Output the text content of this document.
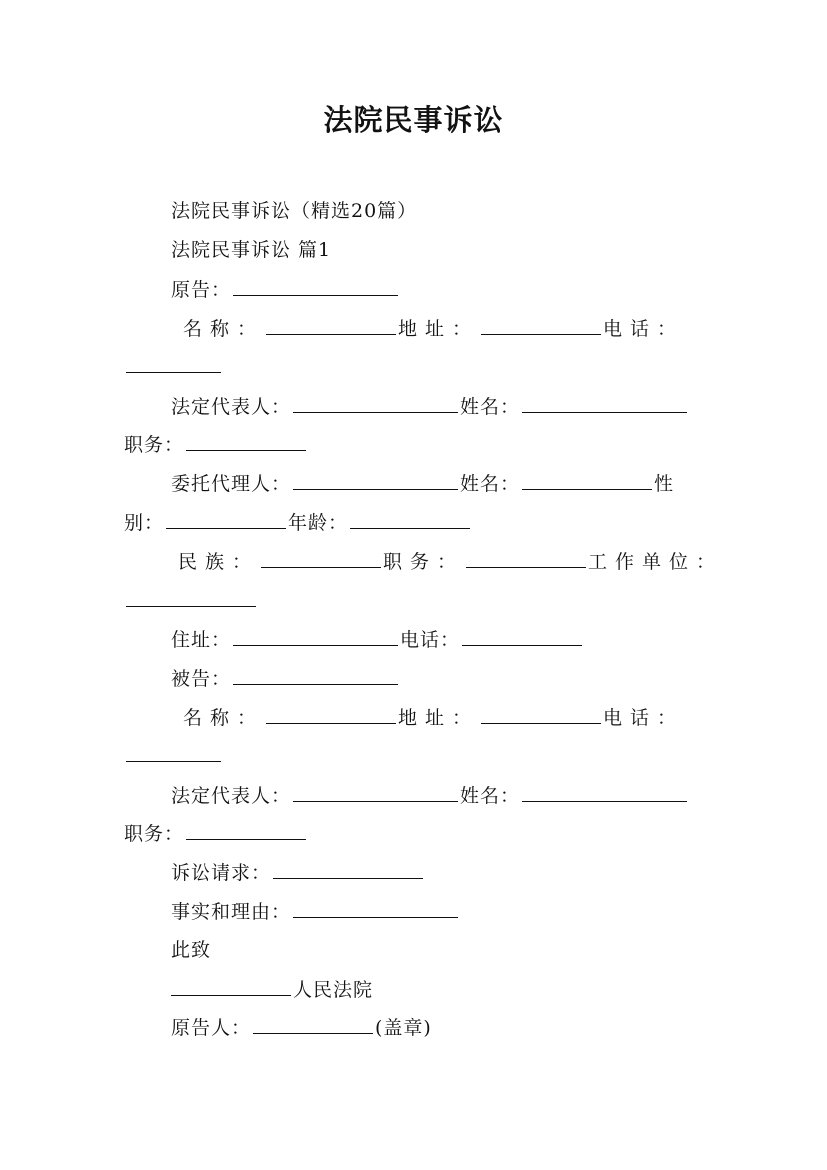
法院民事诉讼
法院民事诉讼（精选20篇）
法院民事诉讼 篇1
原告：
名称：	地址：	电话：
法定代表人：	姓名：
职务：
委托代理人：	姓名：	性
别：	年龄：
民族：	职务：	工作单位：
住址：	电话：
被告：
名称：	地址：	电话：
法定代表人：	姓名：
职务：
诉讼请求：
事实和理由：
此致
人民法院
原告人：	(盖章)
